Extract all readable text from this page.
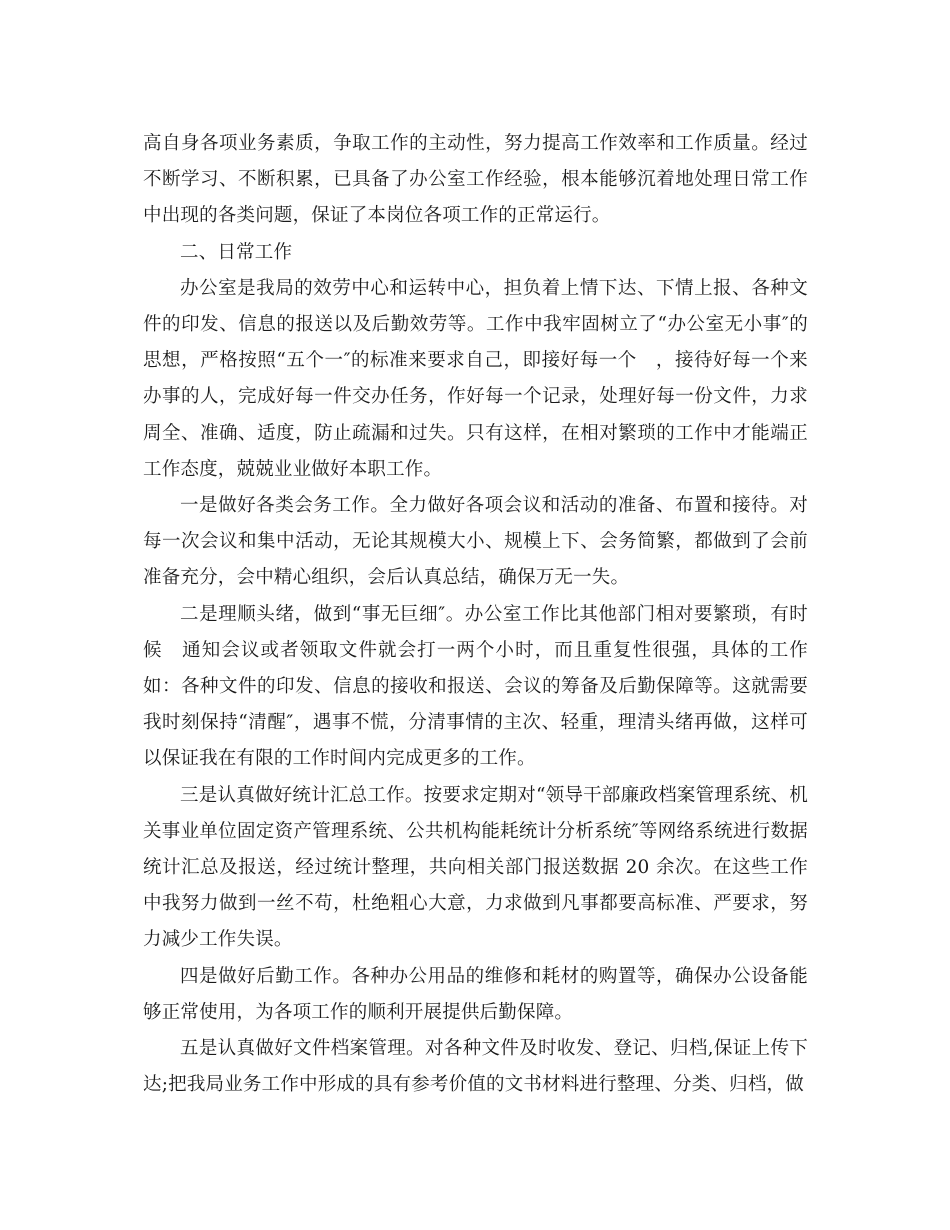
高自身各项业务素质，争取工作的主动性，努力提高工作效率和工作质量。经过不断学习、不断积累，已具备了办公室工作经验，根本能够沉着地处理日常工作中出现的各类问题，保证了本岗位各项工作的正常运行。

二、日常工作

办公室是我局的效劳中心和运转中心，担负着上情下达、下情上报、各种文件的印发、信息的报送以及后勤效劳等。工作中我牢固树立了“办公室无小事″的思想，严格按照“五个一″的标准来要求自己，即接好每一个　，接待好每一个来办事的人，完成好每一件交办任务，作好每一个记录，处理好每一份文件，力求周全、准确、适度，防止疏漏和过失。只有这样，在相对繁琐的工作中才能端正工作态度，兢兢业业做好本职工作。

一是做好各类会务工作。全力做好各项会议和活动的准备、布置和接待。对每一次会议和集中活动，无论其规模大小、规模上下、会务简繁，都做到了会前准备充分，会中精心组织，会后认真总结，确保万无一失。

二是理顺头绪，做到“事无巨细″。办公室工作比其他部门相对要繁琐，有时候　通知会议或者领取文件就会打一两个小时，而且重复性很强，具体的工作如：各种文件的印发、信息的接收和报送、会议的筹备及后勤保障等。这就需要我时刻保持“清醒″，遇事不慌，分清事情的主次、轻重，理清头绪再做，这样可以保证我在有限的工作时间内完成更多的工作。

三是认真做好统计汇总工作。按要求定期对“领导干部廉政档案管理系统、机关事业单位固定资产管理系统、公共机构能耗统计分析系统″等网络系统进行数据统计汇总及报送，经过统计整理，共向相关部门报送数据 20 余次。在这些工作中我努力做到一丝不苟，杜绝粗心大意，力求做到凡事都要高标准、严要求，努力减少工作失误。

四是做好后勤工作。各种办公用品的维修和耗材的购置等，确保办公设备能够正常使用，为各项工作的顺利开展提供后勤保障。

五是认真做好文件档案管理。对各种文件及时收发、登记、归档,保证上传下达;把我局业务工作中形成的具有参考价值的文书材料进行整理、分类、归档，做
